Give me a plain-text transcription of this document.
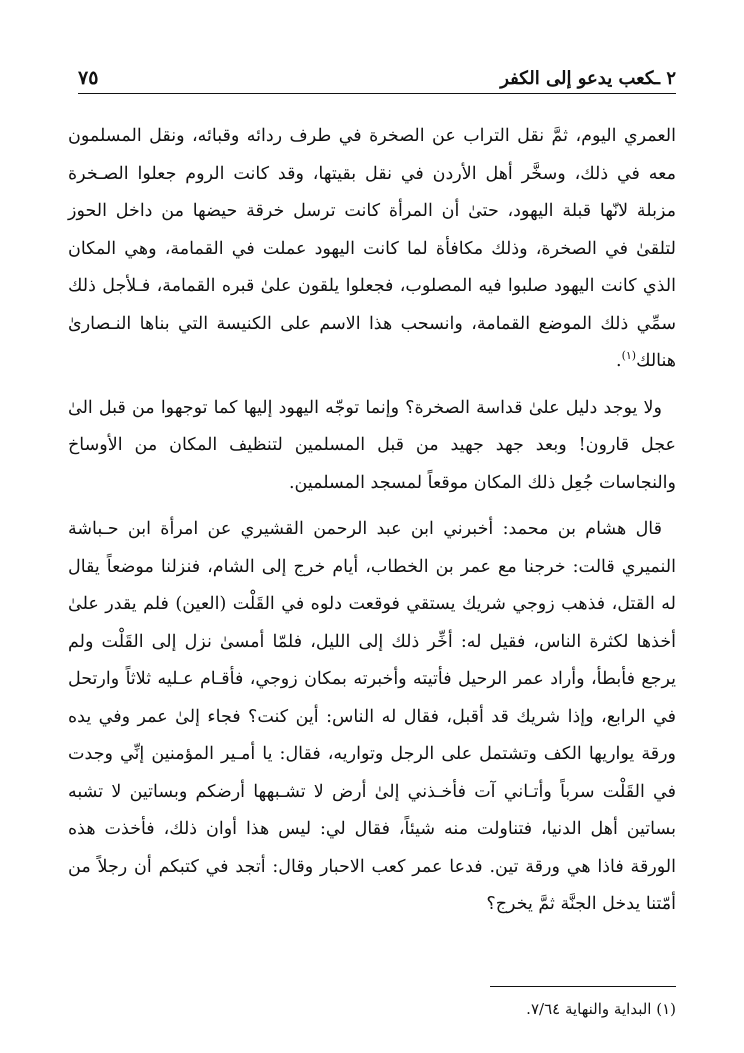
٢ ـكعب يدعو إلى الكفر
٧٥

العمري اليوم، ثمَّ نقل التراب عن الصخرة في طرف ردائه وقبائه، ونقل المسلمون معه في ذلك، وسخَّر أهل الأردن في نقل بقيتها، وقد كانت الروم جعلوا الصـخرة مزبلة لانّها قبلة اليهود، حتىٰ أن المرأة كانت ترسل خرقة حيضها من داخل الحوز لتلقىٰ في الصخرة، وذلك مكافأة لما كانت اليهود عملت في القمامة، وهي المكان الذي كانت اليهود صلبوا فيه المصلوب، فجعلوا يلقون علىٰ قبره القمامة، فـلأجل ذلك سمِّي ذلك الموضع القمامة، وانسحب هذا الاسم على الكنيسة التي بناها النـصارىٰ هنالك$^{(١)}$.

ولا يوجد دليل علىٰ قداسة الصخرة؟ وإنما توجّه اليهود إليها كما توجهوا من قبل الىٰ عجل قارون! وبعد جهد جهيد من قبل المسلمين لتنظيف المكان من الأوساخ والنجاسات جُعِل ذلك المكان موقعاً لمسجد المسلمين.

قال هشام بن محمد: أخبرني ابن عبد الرحمن القشيري عن امرأة ابن حـباشة النميري قالت: خرجنا مع عمر بن الخطاب، أيام خرج إلى الشام، فنزلنا موضعاً يقال له القتل، فذهب زوجي شريك يستقي فوقعت دلوه في القَلْت (العين) فلم يقدر علىٰ أخذها لكثرة الناس، فقيل له: أخِّر ذلك إلى الليل، فلمّا أمسىٰ نزل إلى القَلْت ولم يرجع فأبطأ، وأراد عمر الرحيل فأتيته وأخبرته بمكان زوجي، فأقـام عـليه ثلاثاً وارتحل في الرابع، وإذا شريك قد أقبل، فقال له الناس: أين كنت؟ فجاء إلىٰ عمر وفي يده ورقة يواريها الكف وتشتمل على الرجل وتواريه، فقال: يا أمـير المؤمنين إنِّي وجدت في القَلْت سرباً وأتـاني آت فأخـذني إلىٰ أرض لا تشـبهها أرضكم وبساتين لا تشبه بساتين أهل الدنيا، فتناولت منه شيئاً، فقال لي: ليس هذا أوان ذلك، فأخذت هذه الورقة فاذا هي ورقة تين. فدعا عمر كعب الاحبار وقال: أتجد في كتبكم أن رجلاً من أمّتنا يدخل الجنَّة ثمَّ يخرج؟

(١) البداية والنهاية ٧/٦٤.
